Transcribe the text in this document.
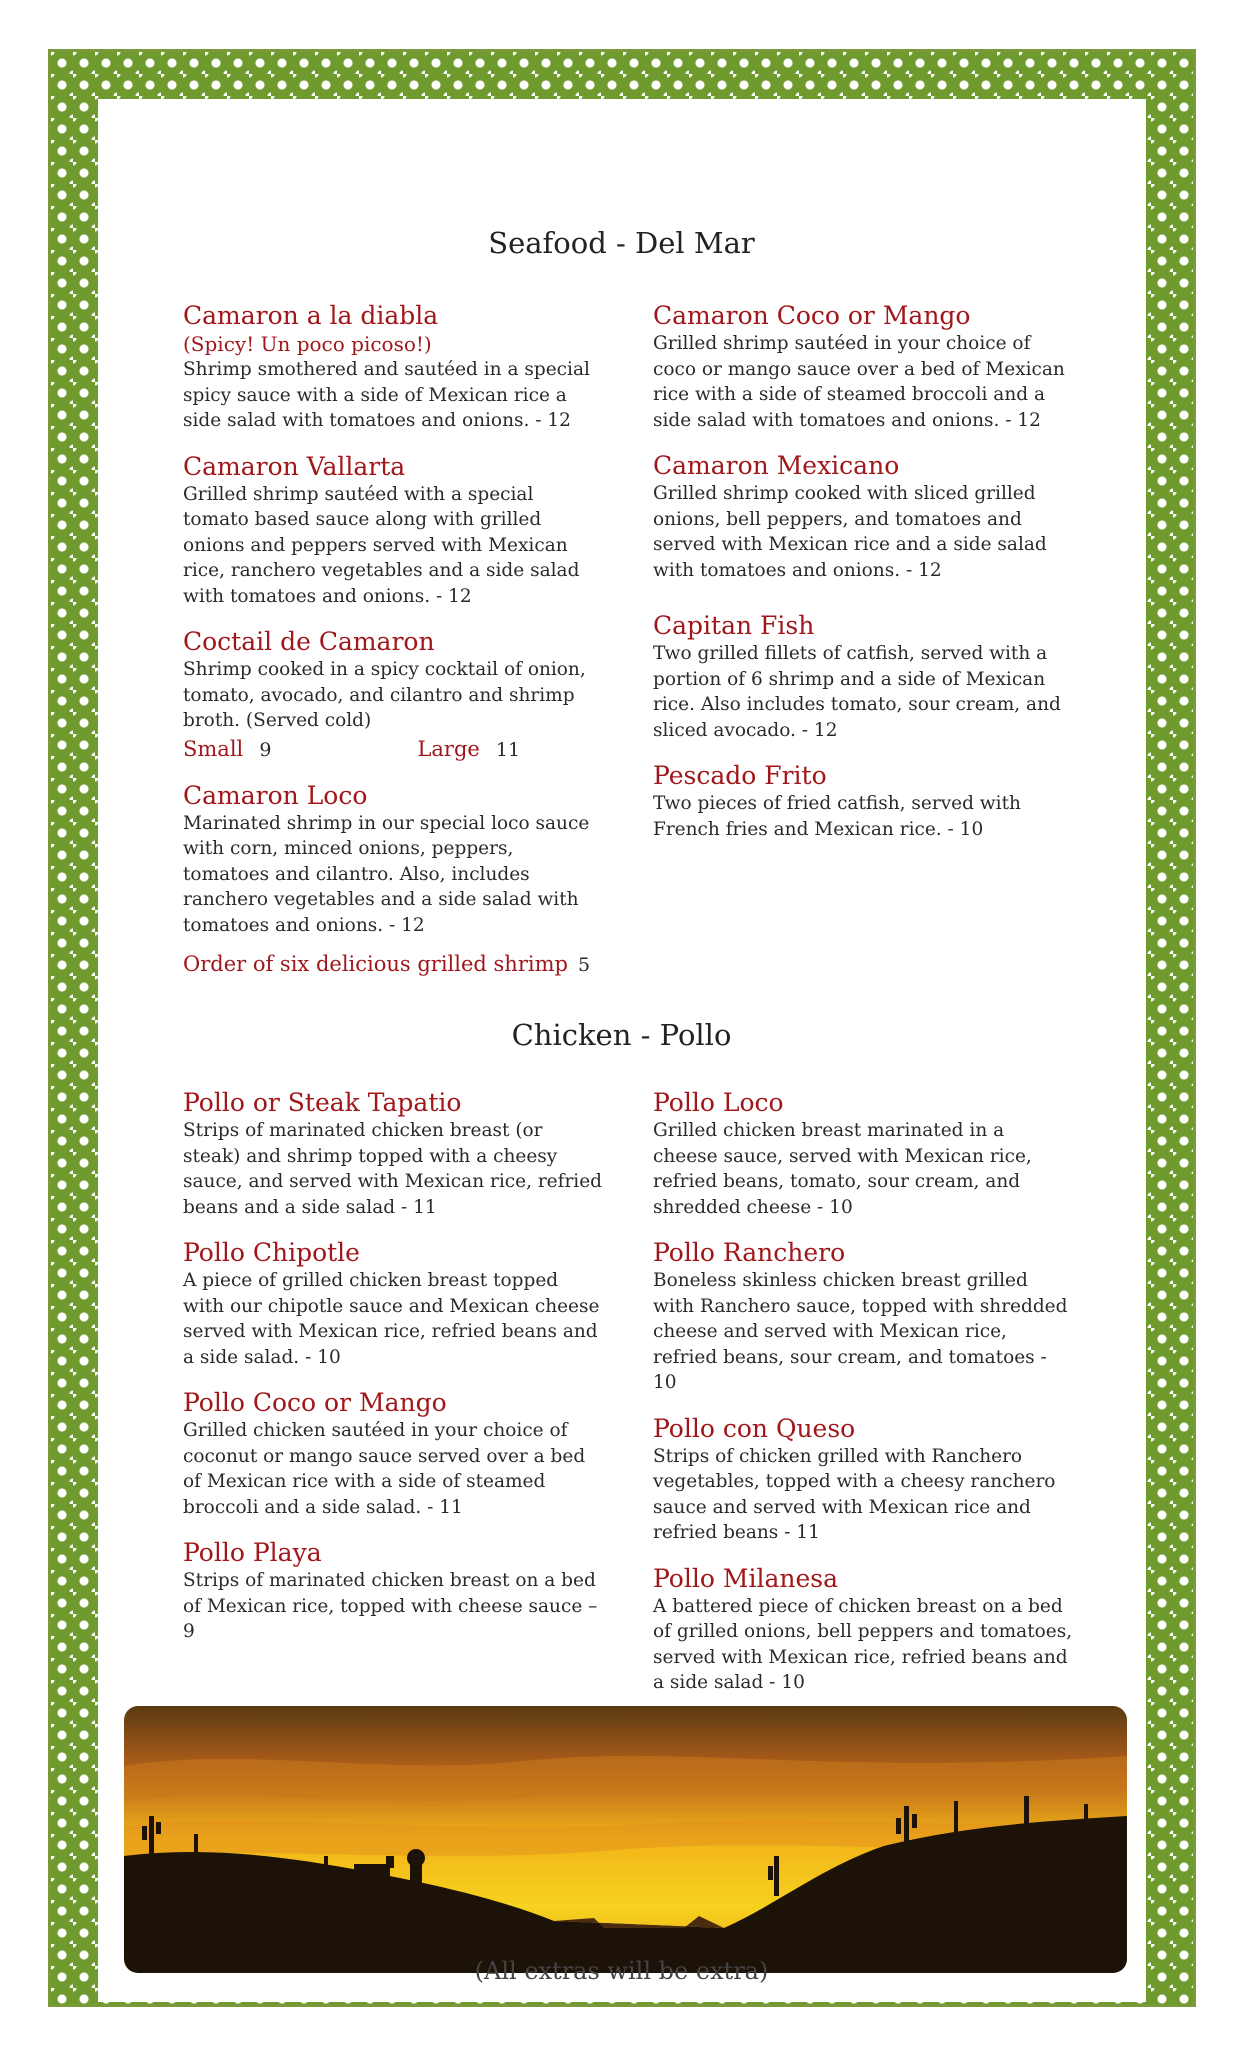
Seafood - Del Mar
Camaron a la diabla
(Spicy! Un poco picoso!)
Shrimp smothered and sautéed in a special spicy sauce with a side of Mexican rice a side salad with tomatoes and onions. - 12
Camaron Vallarta
Grilled shrimp sautéed with a special tomato based sauce along with grilled onions and peppers served with Mexican rice, ranchero vegetables and a side salad with tomatoes and onions. - 12
Coctail de Camaron
Shrimp cooked in a spicy cocktail of onion, tomato, avocado, and cilantro and shrimp broth. (Served cold)
Small 9	Large 11
Camaron Loco
Marinated shrimp in our special loco sauce with corn, minced onions, peppers, tomatoes and cilantro. Also, includes ranchero vegetables and a side salad with tomatoes and onions. - 12
Order of six delicious grilled shrimp 5
Camaron Coco or Mango
Grilled shrimp sautéed in your choice of coco or mango sauce over a bed of Mexican rice with a side of steamed broccoli and a side salad with tomatoes and onions. - 12
Camaron Mexicano
Grilled shrimp cooked with sliced grilled onions, bell peppers, and tomatoes and served with Mexican rice and a side salad with tomatoes and onions. - 12
Capitan Fish
Two grilled fillets of catfish, served with a portion of 6 shrimp and a side of Mexican rice. Also includes tomato, sour cream, and sliced avocado. - 12
Pescado Frito
Two pieces of fried catfish, served with French fries and Mexican rice. - 10
Chicken - Pollo
Pollo or Steak Tapatio
Strips of marinated chicken breast (or steak) and shrimp topped with a cheesy sauce, and served with Mexican rice, refried beans and a side salad - 11
Pollo Chipotle
A piece of grilled chicken breast topped with our chipotle sauce and Mexican cheese served with Mexican rice, refried beans and a side salad. - 10
Pollo Coco or Mango
Grilled chicken sautéed in your choice of coconut or mango sauce served over a bed of Mexican rice with a side of steamed broccoli and a side salad. - 11
Pollo Playa
Strips of marinated chicken breast on a bed of Mexican rice, topped with cheese sauce – 9
Pollo Loco
Grilled chicken breast marinated in a cheese sauce, served with Mexican rice, refried beans, tomato, sour cream, and shredded cheese - 10
Pollo Ranchero
Boneless skinless chicken breast grilled with Ranchero sauce, topped with shredded cheese and served with Mexican rice, refried beans, sour cream, and tomatoes - 10
Pollo con Queso
Strips of chicken grilled with Ranchero vegetables, topped with a cheesy ranchero sauce and served with Mexican rice and refried beans - 11
Pollo Milanesa
A battered piece of chicken breast on a bed of grilled onions, bell peppers and tomatoes, served with Mexican rice, refried beans and a side salad - 10
(All extras will be extra)
